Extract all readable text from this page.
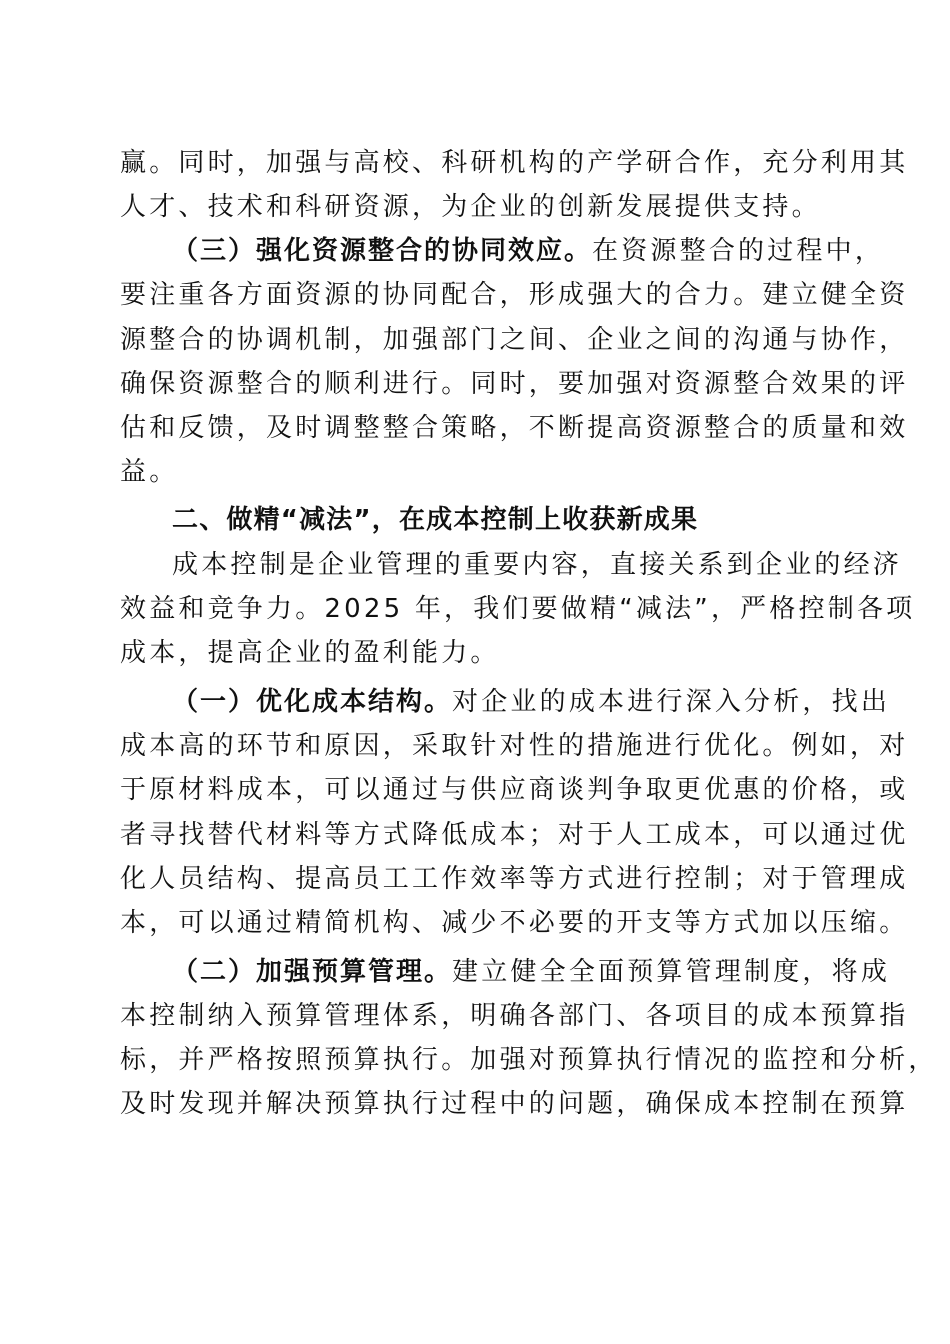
赢。同时，加强与高校、科研机构的产学研合作，充分利用其
人才、技术和科研资源，为企业的创新发展提供支持。
（三）强化资源整合的协同效应。在资源整合的过程中，
要注重各方面资源的协同配合，形成强大的合力。建立健全资
源整合的协调机制，加强部门之间、企业之间的沟通与协作，
确保资源整合的顺利进行。同时，要加强对资源整合效果的评
估和反馈，及时调整整合策略，不断提高资源整合的质量和效
益。
二、做精“减法”，在成本控制上收获新成果
成本控制是企业管理的重要内容，直接关系到企业的经济
效益和竞争力。2025 年，我们要做精“减法”，严格控制各项
成本，提高企业的盈利能力。
（一）优化成本结构。对企业的成本进行深入分析，找出
成本高的环节和原因，采取针对性的措施进行优化。例如，对
于原材料成本，可以通过与供应商谈判争取更优惠的价格，或
者寻找替代材料等方式降低成本；对于人工成本，可以通过优
化人员结构、提高员工工作效率等方式进行控制；对于管理成
本，可以通过精简机构、减少不必要的开支等方式加以压缩。
（二）加强预算管理。建立健全全面预算管理制度，将成
本控制纳入预算管理体系，明确各部门、各项目的成本预算指
标，并严格按照预算执行。加强对预算执行情况的监控和分析，
及时发现并解决预算执行过程中的问题，确保成本控制在预算
